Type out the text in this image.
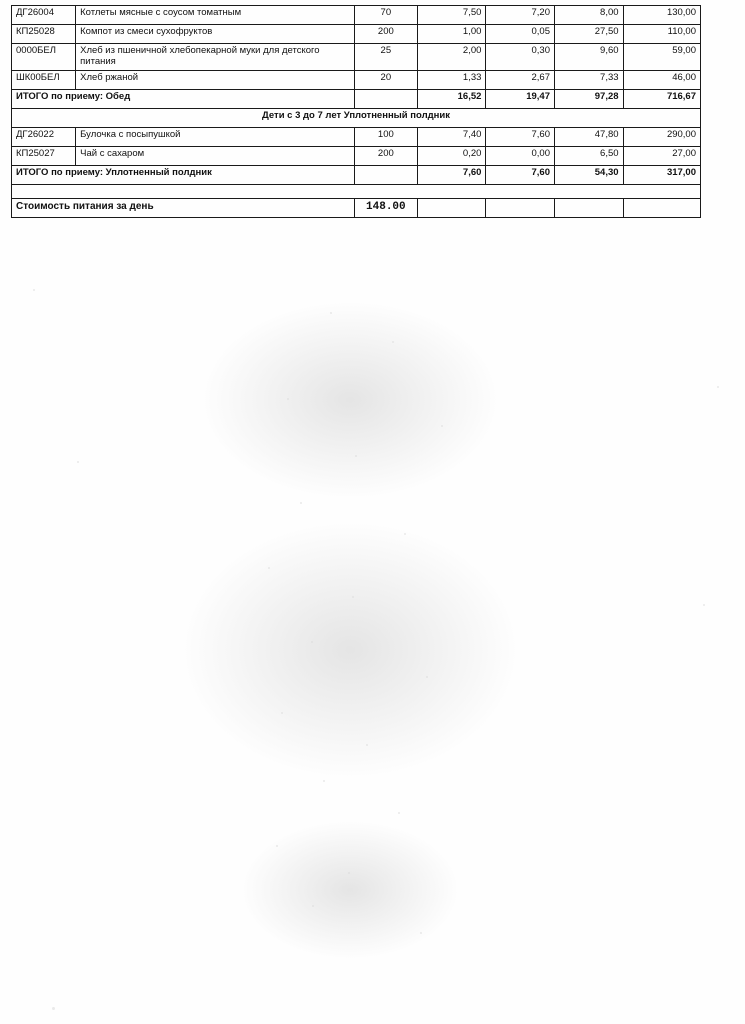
ДГ26004	Котлеты мясные с соусом томатным	70	7,50	7,20	8,00	130,00
КП25028	Компот из смеси сухофруктов	200	1,00	0,05	27,50	110,00
0000БЕЛ	Хлеб из пшеничной хлебопекарной муки для детского питания	25	2,00	0,30	9,60	59,00
ШК00БЕЛ	Хлеб ржаной	20	1,33	2,67	7,33	46,00
ИТОГО по приему: Обед			16,52	19,47	97,28	716,67
Дети с 3 до 7 лет Уплотненный полдник						
ДГ26022	Булочка с посыпушкой	100	7,40	7,60	47,80	290,00
КП25027	Чай с сахаром	200	0,20	0,00	6,50	27,00
ИТОГО по приему: Уплотненный полдник			7,60	7,60	54,30	317,00

Стоимость питания за день		148.00				
